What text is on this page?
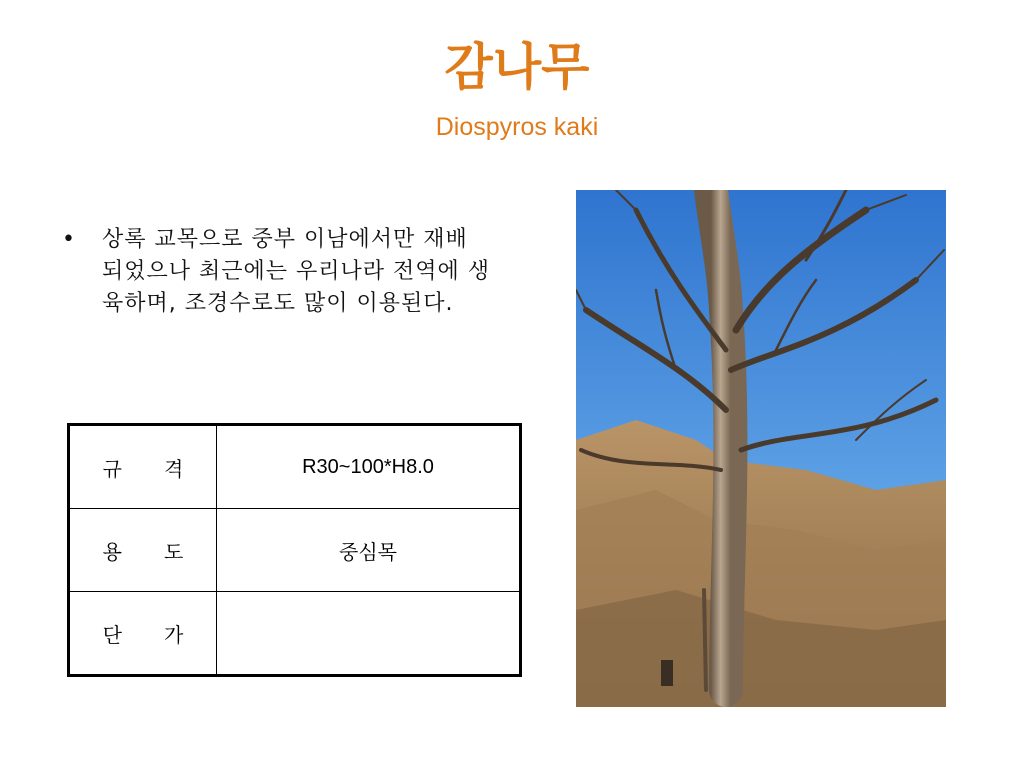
감나무
Diospyros kaki
•	상록 교목으로 중부 이남에서만 재배 되었으나 최근에는 우리나라 전역에 생육하며, 조경수로도 많이 이용된다.
규 격	R30~100*H8.0
용 도	중심목
단 가	
